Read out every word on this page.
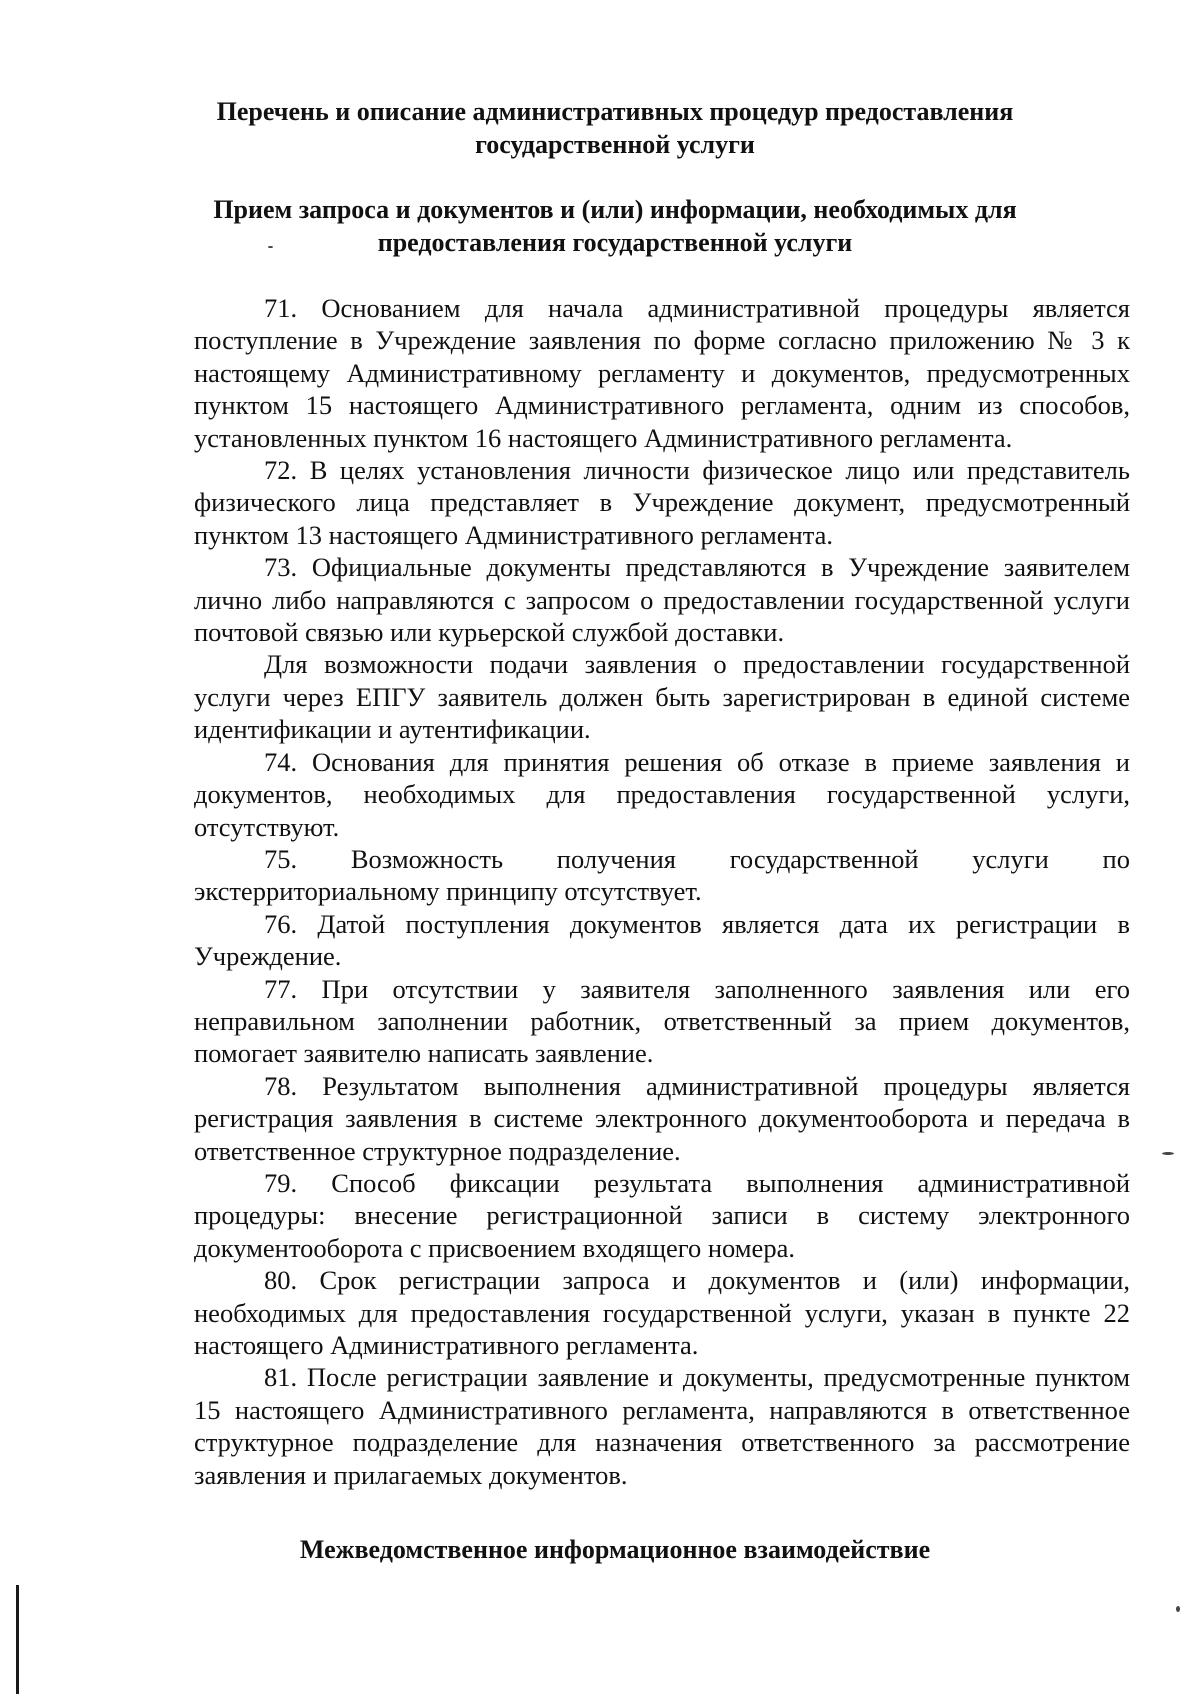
Перечень и описание административных процедур предоставления государственной услуги
Прием запроса и документов и (или) информации, необходимых для предоставления государственной услуги

71. Основанием для начала административной процедуры является поступление в Учреждение заявления по форме согласно приложению № 3 к настоящему Административному регламенту и документов, предусмотренных пунктом 15 настоящего Административного регламента, одним из способов, установленных пунктом 16 настоящего Административного регламента.

72. В целях установления личности физическое лицо или представитель физического лица представляет в Учреждение документ, предусмотренный пунктом 13 настоящего Административного регламента.

73. Официальные документы представляются в Учреждение заявителем лично либо направляются с запросом о предоставлении государственной услуги почтовой связью или курьерской службой доставки.

Для возможности подачи заявления о предоставлении государственной услуги через ЕПГУ заявитель должен быть зарегистрирован в единой системе идентификации и аутентификации.

74. Основания для принятия решения об отказе в приеме заявления и документов, необходимых для предоставления государственной услуги, отсутствуют.

75. Возможность получения государственной услуги по экстерриториальному принципу отсутствует.

76. Датой поступления документов является дата их регистрации в Учреждение.

77. При отсутствии у заявителя заполненного заявления или его неправильном заполнении работник, ответственный за прием документов, помогает заявителю написать заявление.

78. Результатом выполнения административной процедуры является регистрация заявления в системе электронного документооборота и передача в ответственное структурное подразделение.

79. Способ фиксации результата выполнения административной процедуры: внесение регистрационной записи в систему электронного документооборота с присвоением входящего номера.

80. Срок регистрации запроса и документов и (или) информации, необходимых для предоставления государственной услуги, указан в пункте 22 настоящего Административного регламента.

81. После регистрации заявление и документы, предусмотренные пунктом 15 настоящего Административного регламента, направляются в ответственное структурное подразделение для назначения ответственного за рассмотрение заявления и прилагаемых документов.

Межведомственное информационное взаимодействие
